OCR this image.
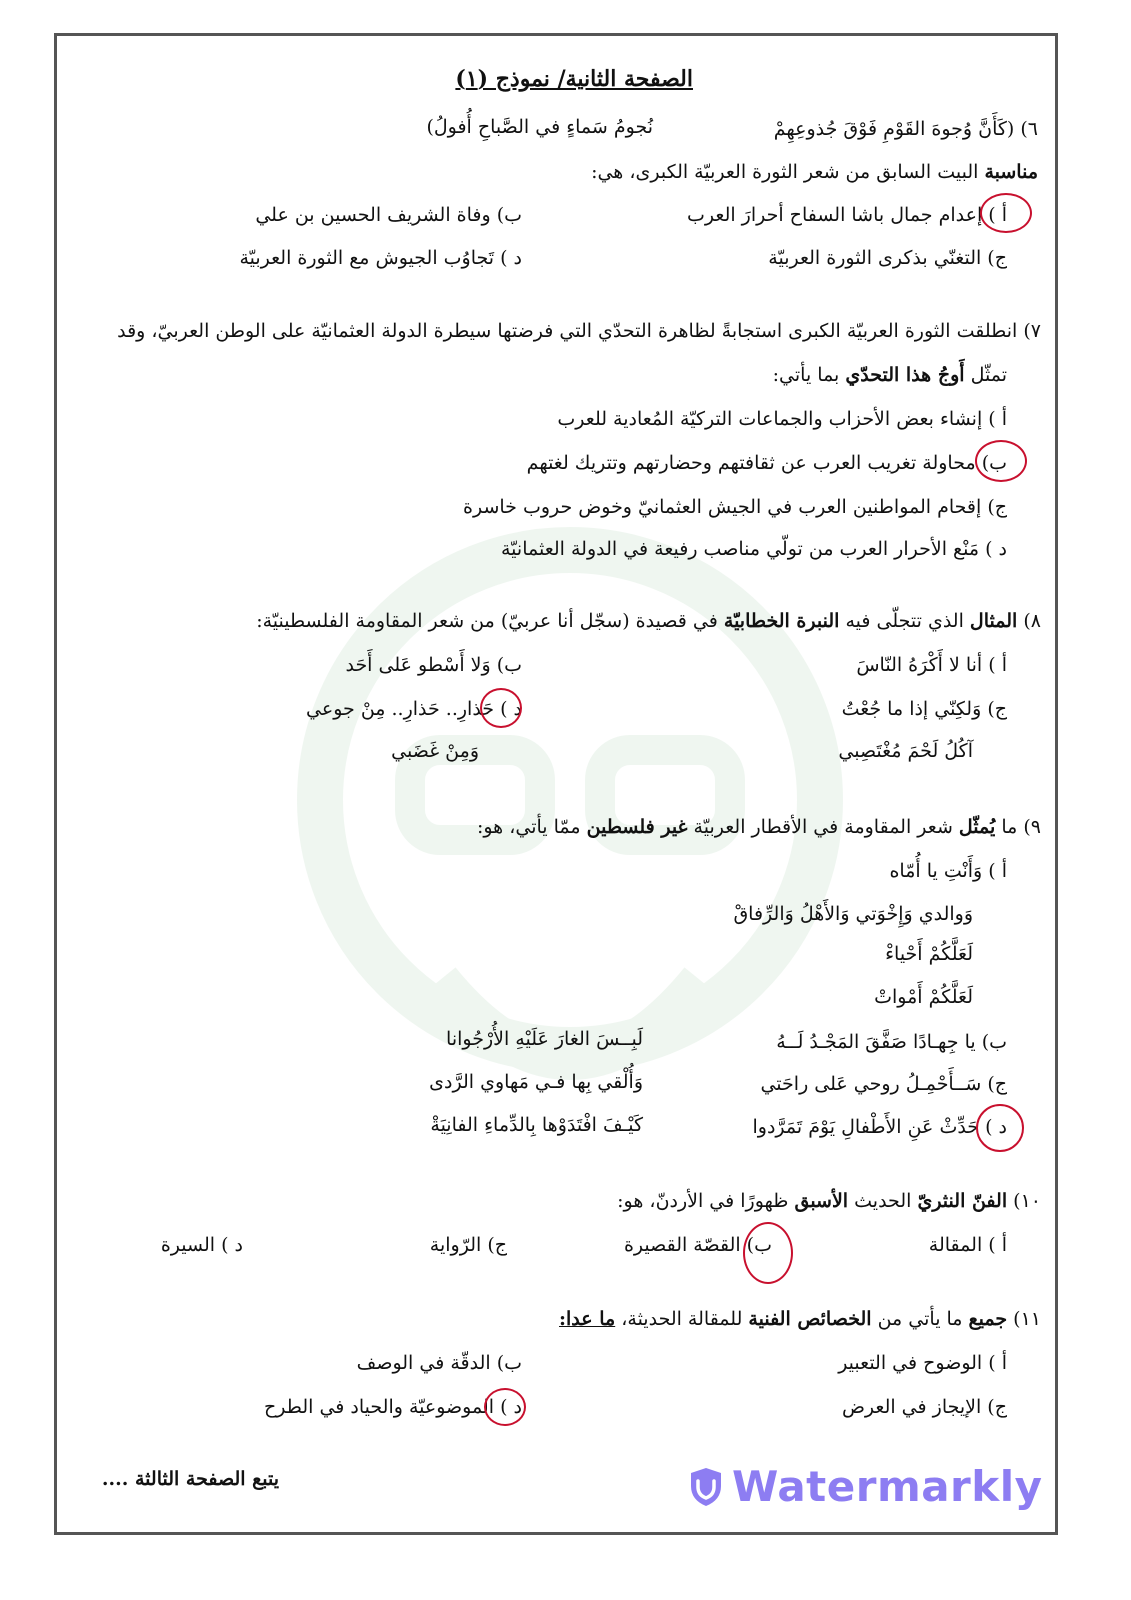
الصفحة الثانية/ نموذج (١)
٦) (كَأَنَّ وُجوهَ القَوْمِ فَوْقَ جُذوعِهِمْ
نُجومُ سَماءٍ في الصَّباحِ أُفولُ)
مناسبة البيت السابق من شعر الثورة العربيّة الكبرى، هي:
أ ) إعدام جمال باشا السفاح أحرارَ العرب
ب) وفاة الشريف الحسين بن علي
ج) التغنّي بذكرى الثورة العربيّة
د ) تَجاوُب الجيوش مع الثورة العربيّة
٧) انطلقت الثورة العربيّة الكبرى استجابةً لظاهرة التحدّي التي فرضتها سيطرة الدولة العثمانيّة على الوطن العربيّ، وقد
تمثّل أَوجُ هذا التحدّي بما يأتي:
أ ) إنشاء بعض الأحزاب والجماعات التركيّة المُعادية للعرب
ب) محاولة تغريب العرب عن ثقافتهم وحضارتهم وتتريك لغتهم
ج) إقحام المواطنين العرب في الجيش العثمانيّ وخوض حروب خاسرة
د ) مَنْع الأحرار العرب من تولّي مناصب رفيعة في الدولة العثمانيّة
٨) المثال الذي تتجلّى فيه النبرة الخطابيّة في قصيدة (سجّل أنا عربيّ) من شعر المقاومة الفلسطينيّة:
أ ) أنا لا أَكْرَهُ النّاسَ
ب) وَلا أَسْطو عَلى أَحَد
ج) وَلكِنّي إذا ما جُعْتُ
د ) حَذارِ.. حَذارِ.. مِنْ جوعي
آكُلُ لَحْمَ مُغْتَصِبي
وَمِنْ غَضَبي
٩) ما يُمثّل شعر المقاومة في الأقطار العربيّة غير فلسطين ممّا يأتي، هو:
أ ) وَأَنْتِ يا أُمّاه
وَوالدي وَإِخْوَتي وَالأَهْلُ وَالرِّفاقْ
لَعَلَّكُمْ أَحْياءْ
لَعَلَّكُمْ أَمْواتْ
ب) يا جِهـادًا صَفَّقَ المَجْـدُ لَــهُ
لَبِــسَ الغارَ عَلَيْهِ الأُرْجُوانا
ج) سَــأَحْمِـلُ روحي عَلى راحَتي
وَأُلْقي بِها فـي مَهاوي الرَّدى
د ) حَدِّثْ عَنِ الأَطْفالِ يَوْمَ تَمَرَّدوا
كَيْـفَ افْتَدَوْها بِالدِّماءِ الفانِيَةْ
١٠) الفنّ النثريّ الحديث الأسبق ظهورًا في الأردنّ، هو:
أ ) المقالة
ب) القصّة القصيرة
ج) الرّواية
د ) السيرة
١١) جميع ما يأتي من الخصائص الفنية للمقالة الحديثة، ما عدا:
أ ) الوضوح في التعبير
ب) الدقّة في الوصف
ج) الإيجاز في العرض
د ) الموضوعيّة والحياد في الطرح
يتبع الصفحة الثالثة ....	Watermarkly
